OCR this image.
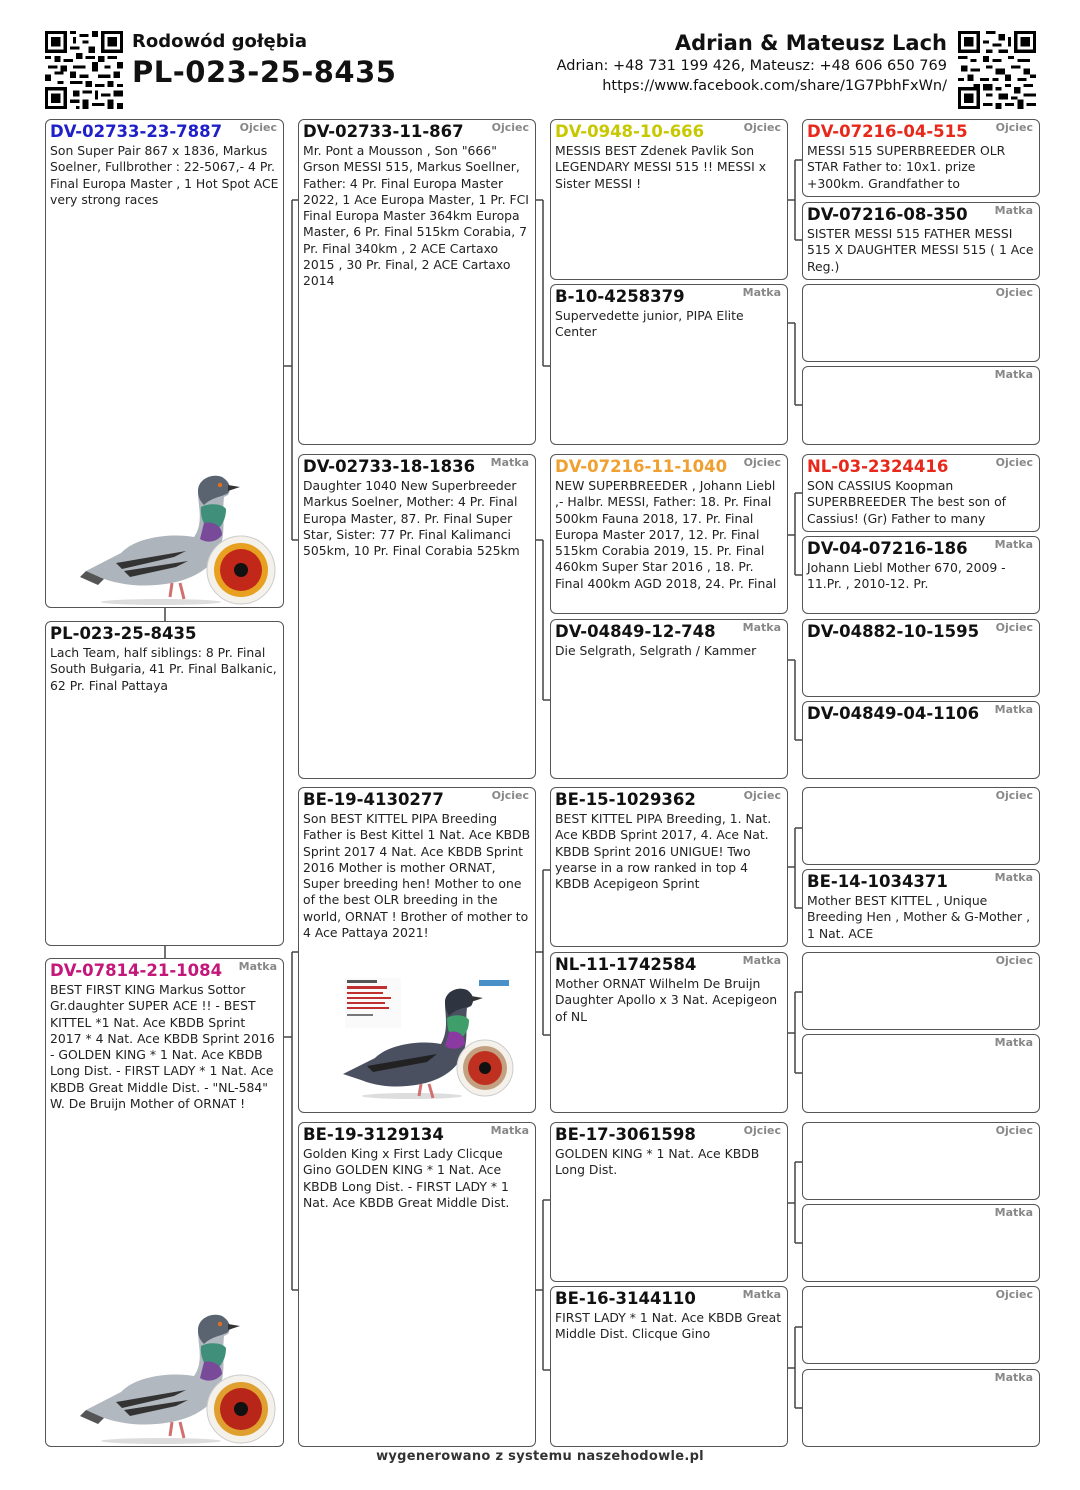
Rodowód gołębia
PL-023-25-8435
Adrian & Mateusz Lach
Adrian: +48 731 199 426, Mateusz: +48 606 650 769
https://www.facebook.com/share/1G7PbhFxWn/
DV-02733-23-7887 Ojciec
Son Super Pair 867 x 1836, Markus Soelner, Fullbrother : 22-5067,- 4 Pr. Final Europa Master , 1 Hot Spot ACE very strong races
PL-023-25-8435
Lach Team, half siblings: 8 Pr. Final South Bułgaria, 41 Pr. Final Balkanic, 62 Pr. Final Pattaya
DV-07814-21-1084 Matka
BEST FIRST KING Markus Sottor Gr.daughter SUPER ACE !! - BEST KITTEL *1 Nat. Ace KBDB Sprint 2017 * 4 Nat. Ace KBDB Sprint 2016 - GOLDEN KING * 1 Nat. Ace KBDB Long Dist. - FIRST LADY * 1 Nat. Ace KBDB Great Middle Dist. - "NL-584" W. De Bruijn Mother of ORNAT !
DV-02733-11-867	Ojciec
Mr. Pont a Mousson , Son "666" Grson MESSI 515, Markus Soellner, Father: 4 Pr. Final Europa Master 2022, 1 Ace Europa Master, 1 Pr. FCI Final Europa Master 364km Europa Master, 6 Pr. Final 515km Corabia, 7 Pr. Final 340km , 2 ACE Cartaxo 2015 , 30 Pr. Final, 2 ACE Cartaxo 2014
DV-02733-18-1836 Matka
Daughter 1040 New Superbreeder Markus Soelner, Mother: 4 Pr. Final Europa Master, 87. Pr. Final Super Star, Sister: 77 Pr. Final Kalimanci 505km, 10 Pr. Final Corabia 525km
BE-19-4130277	Ojciec
Son BEST KITTEL PIPA Breeding Father is Best Kittel 1 Nat. Ace KBDB Sprint 2017 4 Nat. Ace KBDB Sprint 2016 Mother is mother ORNAT, Super breeding hen! Mother to one of the best OLR breeding in the world, ORNAT ! Brother of mother to 4 Ace Pattaya 2021!
BE-19-3129134	Matka
Golden King x First Lady Clicque Gino GOLDEN KING * 1 Nat. Ace KBDB Long Dist. - FIRST LADY * 1 Nat. Ace KBDB Great Middle Dist.
DV-0948-10-666	Ojciec
MESSIS BEST Zdenek Pavlik Son LEGENDARY MESSI 515 !! MESSI x Sister MESSI !
B-10-4258379	Matka
Supervedette junior, PIPA Elite Center
DV-07216-11-1040 Ojciec
NEW SUPERBREEDER , Johann Liebl ,- Halbr. MESSI, Father: 18. Pr. Final 500km Fauna 2018, 17. Pr. Final Europa Master 2017, 12. Pr. Final 515km Corabia 2019, 15. Pr. Final 460km Super Star 2016 , 18. Pr. Final 400km AGD 2018, 24. Pr. Final
DV-04849-12-748 Matka
Die Selgrath, Selgrath / Kammer
BE-15-1029362	Ojciec
BEST KITTEL PIPA Breeding, 1. Nat. Ace KBDB Sprint 2017, 4. Ace Nat. KBDB Sprint 2016 UNIGUE! Two yearse in a row ranked in top 4 KBDB Acepigeon Sprint
NL-11-1742584	Matka
Mother ORNAT Wilhelm De Bruijn Daughter Apollo x 3 Nat. Acepigeon of NL
BE-17-3061598	Ojciec
GOLDEN KING * 1 Nat. Ace KBDB Long Dist.
BE-16-3144110	Matka
FIRST LADY * 1 Nat. Ace KBDB Great Middle Dist. Clicque Gino
DV-07216-04-515	Ojciec
MESSI 515 SUPERBREEDER OLR STAR Father to: 10x1. prize +300km. Grandfather to
DV-07216-08-350 Matka
SISTER MESSI 515 FATHER MESSI 515 X DAUGHTER MESSI 515 ( 1 Ace Reg.)
Ojciec
Matka
NL-03-2324416	Ojciec
SON CASSIUS Koopman SUPERBREEDER The best son of Cassius! (Gr) Father to many
DV-04-07216-186 Matka
Johann Liebl Mother 670, 2009 - 11.Pr. , 2010-12. Pr.
DV-04882-10-1595 Ojciec
DV-04849-04-1106 Matka
Ojciec
BE-14-1034371	Matka
Mother BEST KITTEL , Unique Breeding Hen , Mother & G-Mother , 1 Nat. ACE
Ojciec
Matka
Ojciec
Matka
Ojciec
Matka
wygenerowano z systemu naszehodowle.pl
